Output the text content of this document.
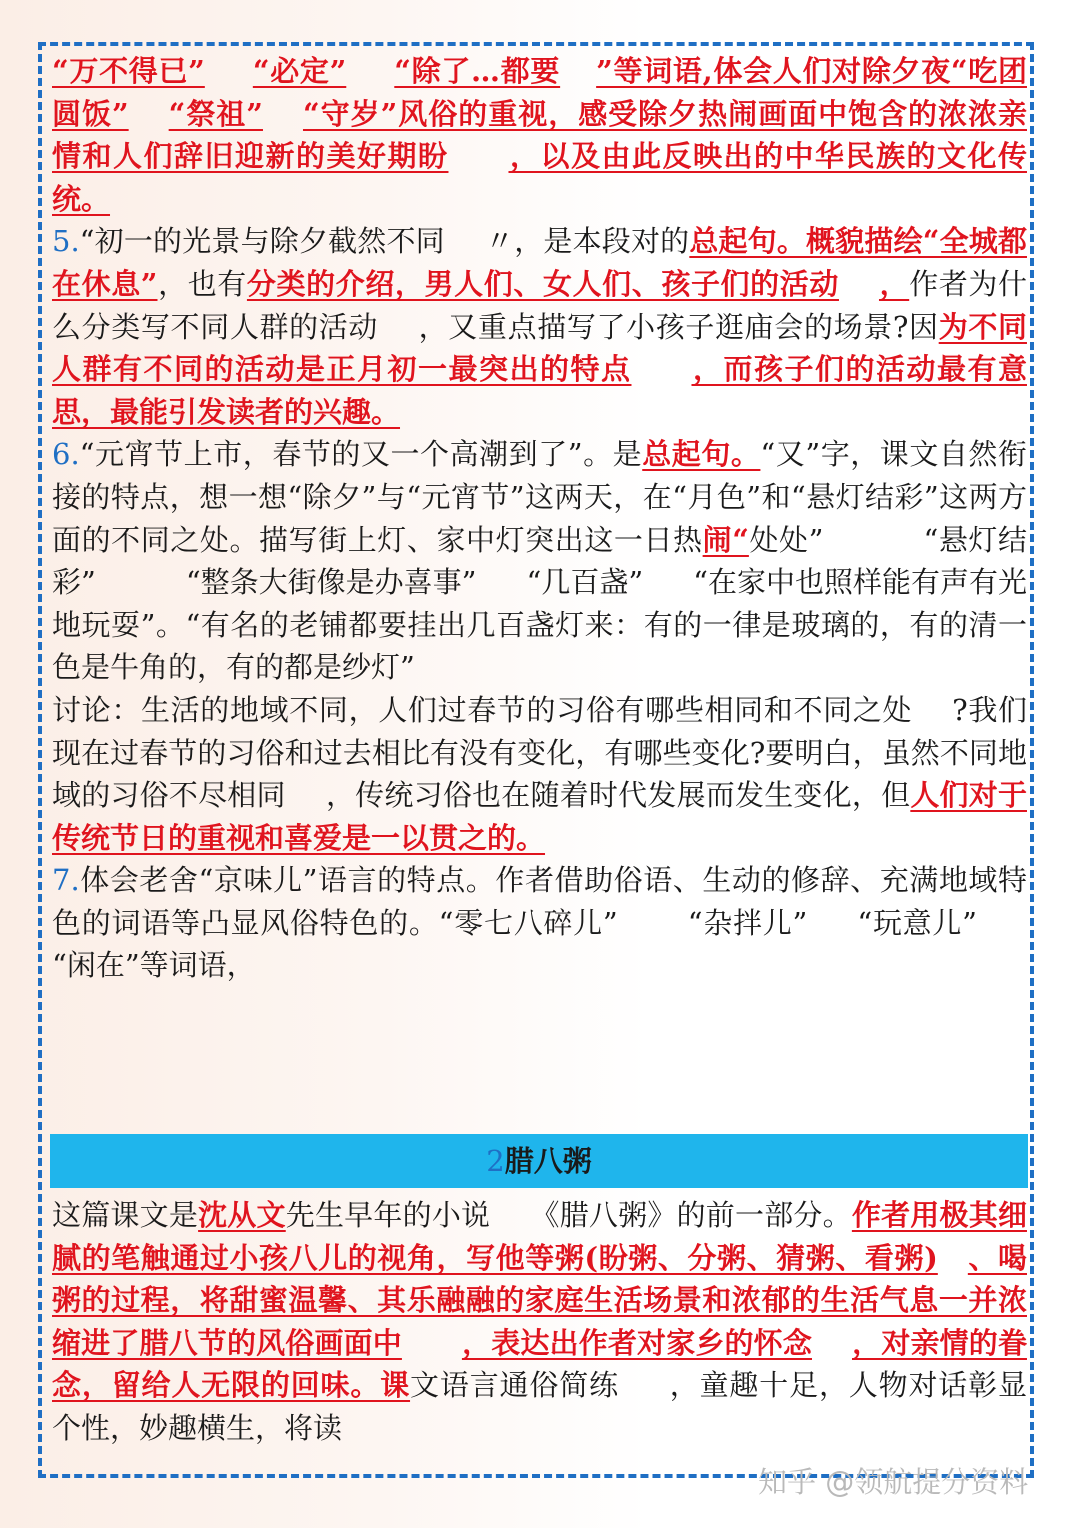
“万不得已” “必定” “除了…都要 ”等词语,体会人们对除夕夜“吃团圆饭” “祭祖” “守岁”风俗的重视，感受除夕热闹画面中饱含的浓浓亲情和人们辞旧迎新的美好期盼 ，以及由此反映出的中华民族的文化传统。

5.“初一的光景与除夕截然不同 〃，是本段对的总起句。概貌描绘“全城都在休息”，也有分类的介绍，男人们、女人们、孩子们的活动 ，作者为什么分类写不同人群的活动 ，又重点描写了小孩子逛庙会的场景?因为不同人群有不同的活动是正月初一最突出的特点 ，而孩子们的活动最有意思，最能引发读者的兴趣。

6.“元宵节上市，春节的又一个高潮到了”。是总起句。“又”字，课文自然衔接的特点，想一想“除夕”与“元宵节”这两天，在“月色”和“悬灯结彩”这两方面的不同之处。描写街上灯、家中灯突出这一日热闹“处处”	“悬灯结彩”	“整条大街像是办喜事” “几百盏” “在家中也照样能有声有光地玩耍”。“有名的老铺都要挂出几百盏灯来：有的一律是玻璃的，有的清一色是牛角的，有的都是纱灯”

讨论：生活的地域不同，人们过春节的习俗有哪些相同和不同之处 ?我们现在过春节的习俗和过去相比有没有变化，有哪些变化?要明白，虽然不同地域的习俗不尽相同 ，传统习俗也在随着时代发展而发生变化，但人们对于传统节日的重视和喜爱是一以贯之的。

7.体会老舍“京味儿”语言的特点。作者借助俗语、生动的修辞、充满地域特色的词语等凸显风俗特色的。“零七八碎儿” “杂拌儿” “玩意儿”“闲在”等词语，

2腊八粥

这篇课文是沈从文先生早年的小说 《腊八粥》的前一部分。作者用极其细腻的笔触通过小孩八儿的视角，写他等粥(盼粥、分粥、猜粥、看粥) 、喝粥的过程，将甜蜜温馨、其乐融融的家庭生活场景和浓郁的生活气息一并浓缩进了腊八节的风俗画面中 ，表达出作者对家乡的怀念 ，对亲情的眷念，留给人无限的回味。课文语言通俗简练 ，童趣十足，人物对话彰显个性，妙趣横生，将读

知乎 @领航提分资料
